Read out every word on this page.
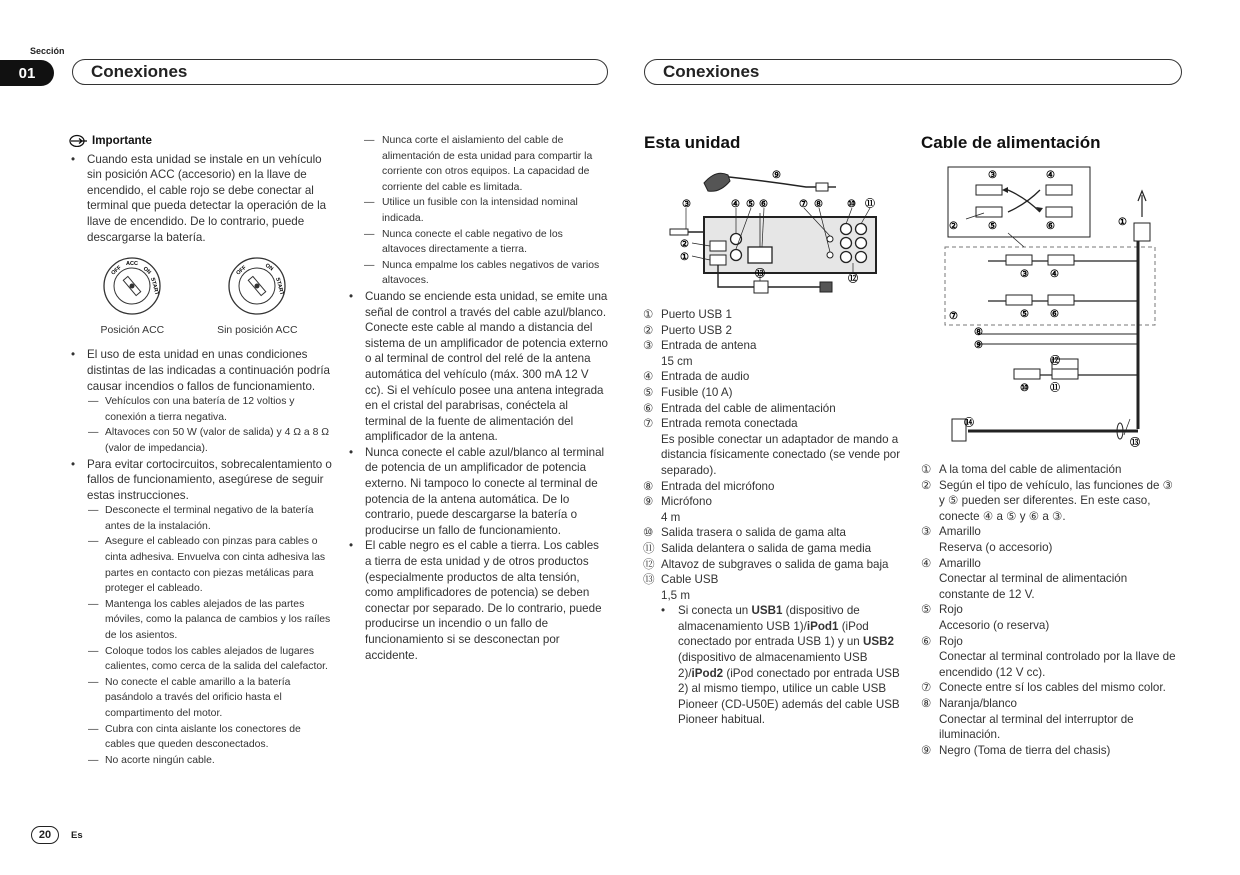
Sección
01	Conexiones	Conexiones
Importante
• Cuando esta unidad se instale en un vehículo sin posición ACC (accesorio) en la llave de encendido, el cable rojo se debe conectar al terminal que pueda detectar la operación de la llave de encendido. De lo contrario, puede descargarse la batería.
OFF
ACC
ON
START
Posición ACC
OFF	ON
START
Sin posición ACC
• El uso de esta unidad en unas condiciones distintas de las indicadas a continuación podría causar incendios o fallos de funcionamiento.
— Vehículos con una batería de 12 voltios y conexión a tierra negativa.
— Altavoces con 50 W (valor de salida) y 4 Ω a 8 Ω (valor de impedancia).
• Para evitar cortocircuitos, sobrecalentamiento o fallos de funcionamiento, asegúrese de seguir estas instrucciones.
— Desconecte el terminal negativo de la batería antes de la instalación.
— Asegure el cableado con pinzas para cables o cinta adhesiva. Envuelva con cinta adhesiva las partes en contacto con piezas metálicas para proteger el cableado.
— Mantenga los cables alejados de las partes móviles, como la palanca de cambios y los raíles de los asientos.
— Coloque todos los cables alejados de lugares calientes, como cerca de la salida del calefactor.
— No conecte el cable amarillo a la batería pasándolo a través del orificio hasta el compartimento del motor.
— Cubra con cinta aislante los conectores de cables que queden desconectados.
— No acorte ningún cable.
— Nunca corte el aislamiento del cable de alimentación de esta unidad para compartir la corriente con otros equipos. La capacidad de corriente del cable es limitada.
— Utilice un fusible con la intensidad nominal indicada.
— Nunca conecte el cable negativo de los altavoces directamente a tierra.
— Nunca empalme los cables negativos de varios altavoces.
• Cuando se enciende esta unidad, se emite una señal de control a través del cable azul/blanco. Conecte este cable al mando a distancia del sistema de un amplificador de potencia externo o al terminal de control del relé de la antena automática del vehículo (máx. 300 mA 12 V cc). Si el vehículo posee una antena integrada en el cristal del parabrisas, conéctela al terminal de la fuente de alimentación del amplificador de la antena.
• Nunca conecte el cable azul/blanco al terminal de potencia de un amplificador de potencia externo. Ni tampoco lo conecte al terminal de potencia de la antena automática. De lo contrario, puede descargarse la batería o producirse un fallo de funcionamiento.
• El cable negro es el cable a tierra. Los cables a tierra de esta unidad y de otros productos (especialmente productos de alta tensión, como amplificadores de potencia) se deben conectar por separado. De lo contrario, puede producirse un incendio o un fallo de funcionamiento si se desconectan por accidente.
Esta unidad
③	④ ⑤ ⑥	⑦ ⑧
⑨
⑩ ⑪
⑫
⑬
②
①
① Puerto USB 1
② Puerto USB 2
③ Entrada de antena
15 cm
④ Entrada de audio
⑤ Fusible (10 A)
⑥ Entrada del cable de alimentación
⑦ Entrada remota conectada
Es posible conectar un adaptador de mando a distancia físicamente conectado (se vende por separado).
⑧ Entrada del micrófono
⑨ Micrófono
4 m
⑩ Salida trasera o salida de gama alta
⑪ Salida delantera o salida de gama media
⑫ Altavoz de subgraves o salida de gama baja
⑬ Cable USB
1,5 m
• Si conecta un USB1 (dispositivo de almacenamiento USB 1)/iPod1 (iPod conectado por entrada USB 1) y un USB2 (dispositivo de almacenamiento USB 2)/iPod2 (iPod conectado por entrada USB 2) al mismo tiempo, utilice un cable USB Pioneer (CD-U50E) además del cable USB Pioneer habitual.
Cable de alimentación
③	④
②	⑤	⑥	①
③ ④
⑤ ⑥
⑦
⑧
⑨
⑩ ⑪
⑫
⑬
⑭
① A la toma del cable de alimentación
② Según el tipo de vehículo, las funciones de ③ y ⑤ pueden ser diferentes. En este caso, conecte ④ a ⑤ y ⑥ a ③.
③ Amarillo
Reserva (o accesorio)
④ Amarillo
Conectar al terminal de alimentación constante de 12 V.
⑤ Rojo
Accesorio (o reserva)
⑥ Rojo
Conectar al terminal controlado por la llave de encendido (12 V cc).
⑦ Conecte entre sí los cables del mismo color.
⑧ Naranja/blanco
Conectar al terminal del interruptor de iluminación.
⑨ Negro (Toma de tierra del chasis)
20	Es
